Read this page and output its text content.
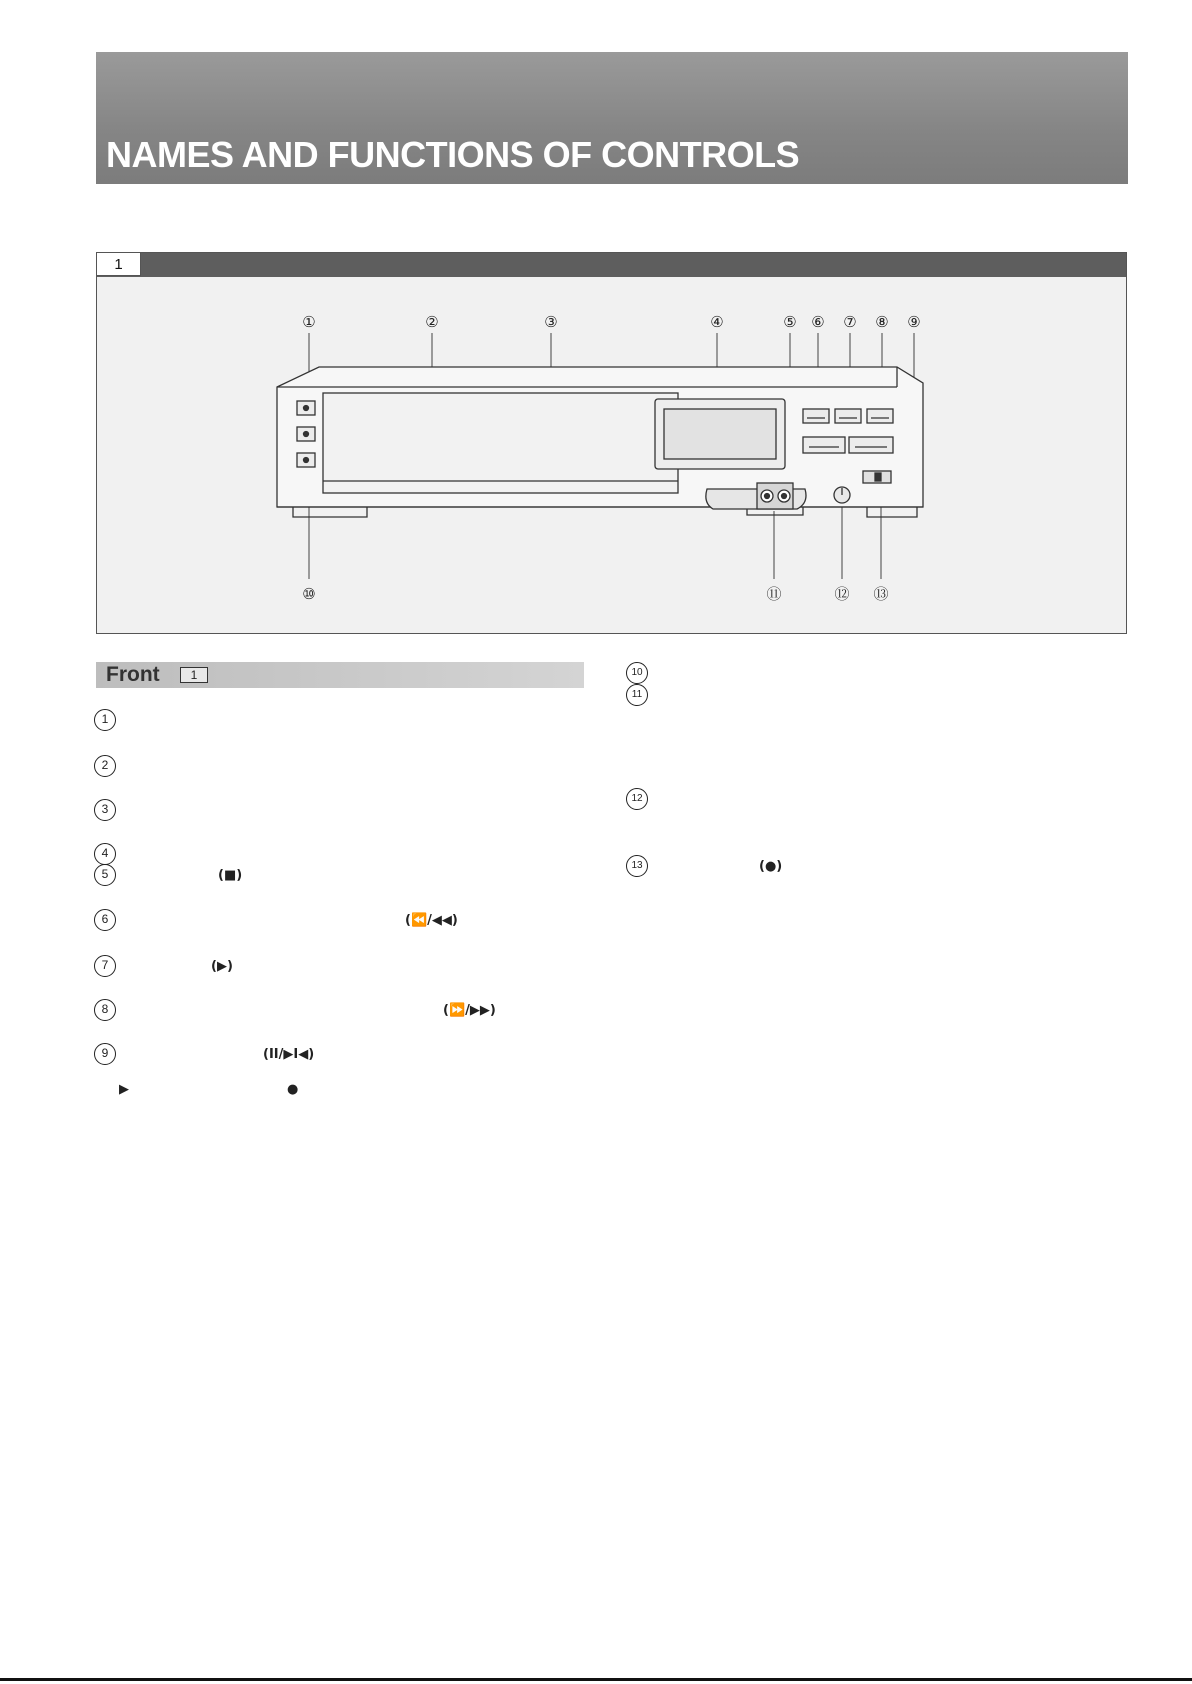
NAMES AND FUNCTIONS OF CONTROLS
1
①	②	③	④	⑤ ⑥ ⑦ ⑧ ⑨
⑩	⑪	⑫ ⑬
Front	1
1
2
3
4
5	(■)
6	(⏪/◀◀)
7	(▶)
8	(⏩/▶▶)
9	(II/▶I◀)
▶	●
10
11
12
13	(●)
